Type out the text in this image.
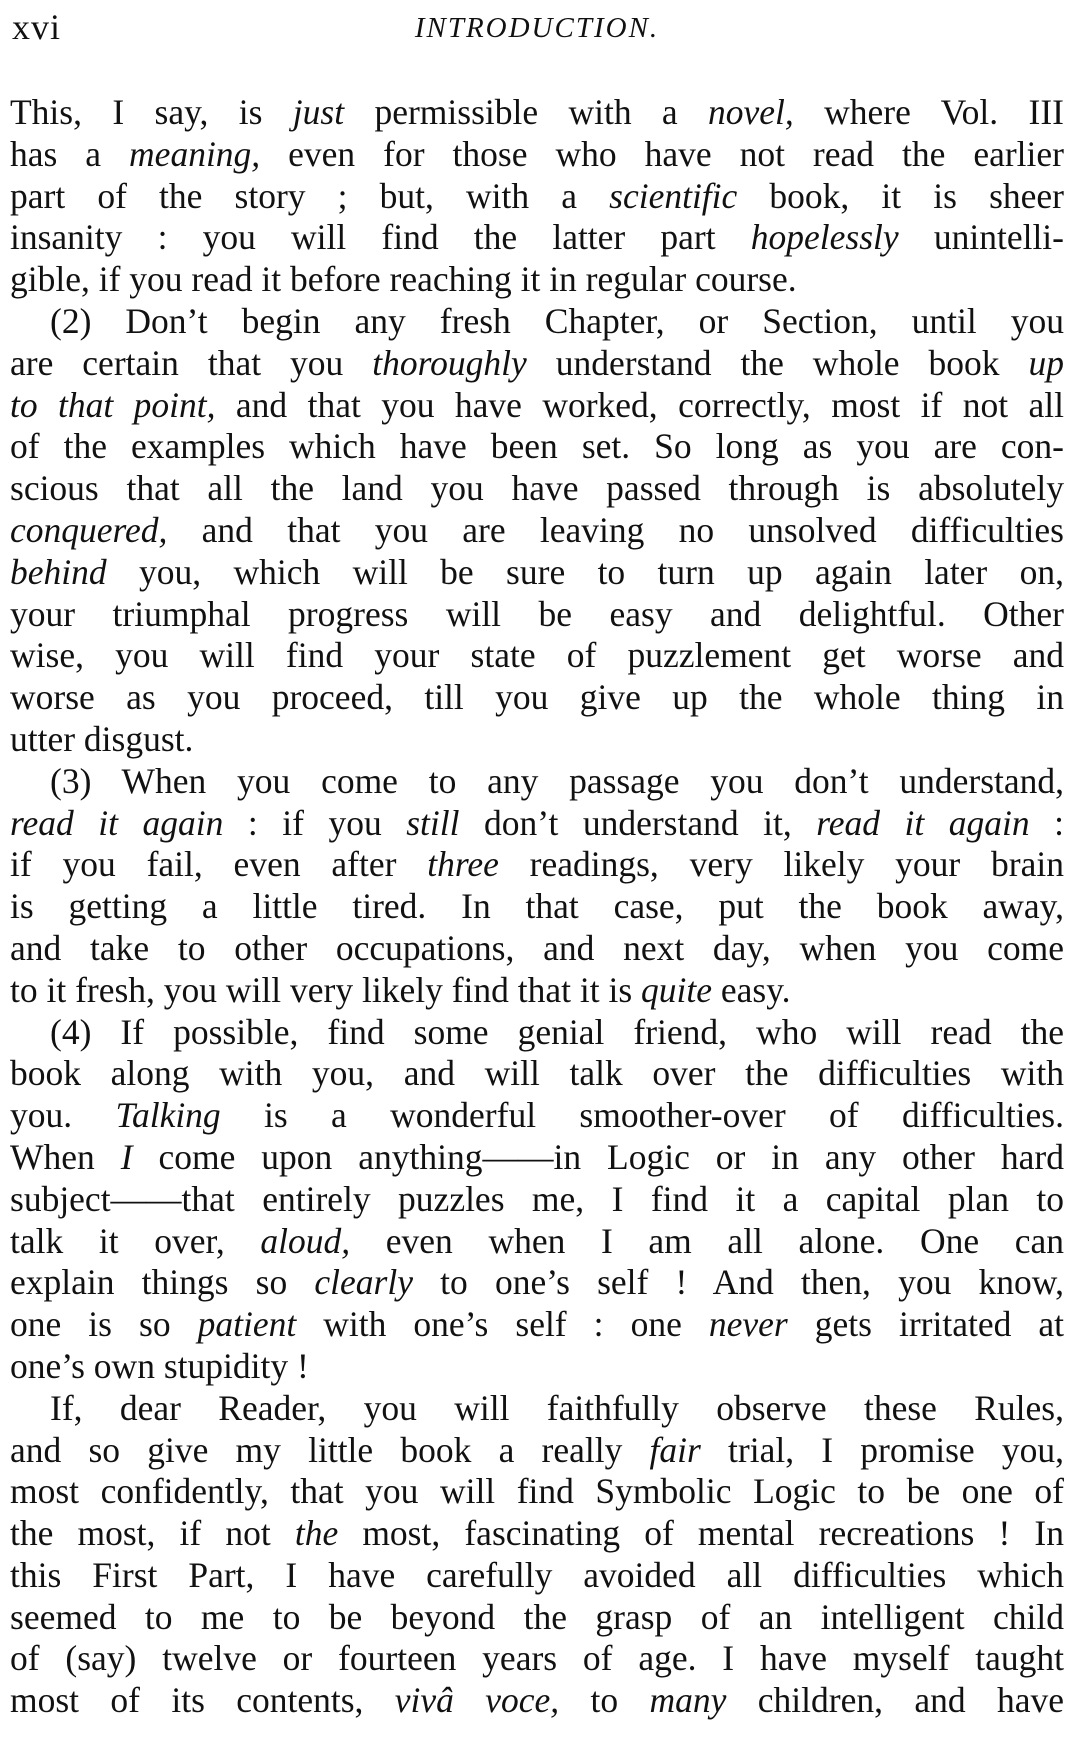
xvi	INTRODUCTION.
This, I say, is just permissible with a novel, where Vol. III
has a meaning, even for those who have not read the earlier
part of the story ; but, with a scientific book, it is sheer
insanity : you will find the latter part hopelessly unintelli-
gible, if you read it before reaching it in regular course.
(2) Don’t begin any fresh Chapter, or Section, until you
are certain that you thoroughly understand the whole book up
to that point, and that you have worked, correctly, most if not all
of the examples which have been set. So long as you are con-
scious that all the land you have passed through is absolutely
conquered, and that you are leaving no unsolved difficulties
behind you, which will be sure to turn up again later on,
your triumphal progress will be easy and delightful. Other
wise, you will find your state of puzzlement get worse and
worse as you proceed, till you give up the whole thing in
utter disgust.
(3) When you come to any passage you don’t understand,
read it again : if you still don’t understand it, read it again :
if you fail, even after three readings, very likely your brain
is getting a little tired. In that case, put the book away,
and take to other occupations, and next day, when you come
to it fresh, you will very likely find that it is quite easy.
(4) If possible, find some genial friend, who will read the
book along with you, and will talk over the difficulties with
you. Talking is a wonderful smoother-over of difficulties.
When I come upon anything——in Logic or in any other hard
subject——that entirely puzzles me, I find it a capital plan to
talk it over, aloud, even when I am all alone. One can
explain things so clearly to one’s self ! And then, you know,
one is so patient with one’s self : one never gets irritated at
one’s own stupidity !
If, dear Reader, you will faithfully observe these Rules,
and so give my little book a really fair trial, I promise you,
most confidently, that you will find Symbolic Logic to be one of
the most, if not the most, fascinating of mental recreations ! In
this First Part, I have carefully avoided all difficulties which
seemed to me to be beyond the grasp of an intelligent child
of (say) twelve or fourteen years of age. I have myself taught
most of its contents, vivâ voce, to many children, and have
